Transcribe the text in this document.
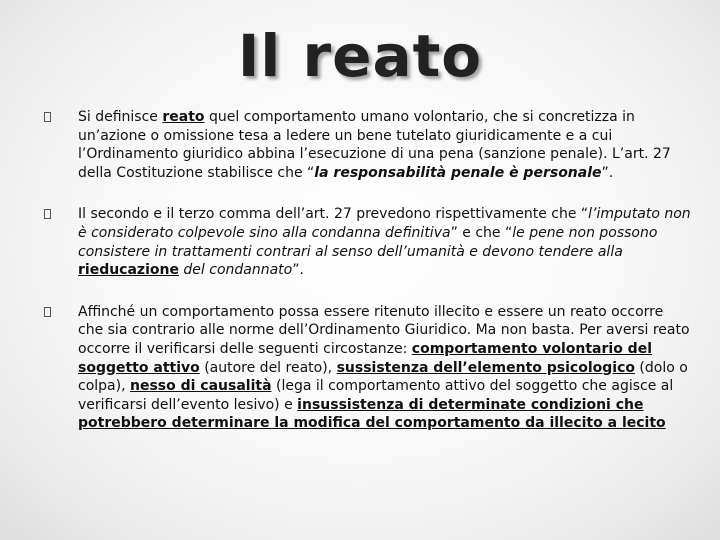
Il reato
Si definisce reato quel comportamento umano volontario, che si concretizza in un’azione o omissione tesa a ledere un bene tutelato giuridicamente e a cui l’Ordinamento giuridico abbina l’esecuzione di una pena (sanzione penale). L’art. 27 della Costituzione stabilisce che “la responsabilità penale è personale”.
Il secondo e il terzo comma dell’art. 27 prevedono rispettivamente che “l’imputato non è considerato colpevole sino alla condanna definitiva” e che “le pene non possono consistere in trattamenti contrari al senso dell’umanità e devono tendere alla rieducazione del condannato”.
Affinché un comportamento possa essere ritenuto illecito e essere un reato occorre che sia contrario alle norme dell’Ordinamento Giuridico. Ma non basta. Per aversi reato occorre il verificarsi delle seguenti circostanze: comportamento volontario del soggetto attivo (autore del reato), sussistenza dell’elemento psicologico (dolo o colpa), nesso di causalità (lega il comportamento attivo del soggetto che agisce al verificarsi dell’evento lesivo) e insussistenza di determinate condizioni che potrebbero determinare la modifica del comportamento da illecito a lecito
